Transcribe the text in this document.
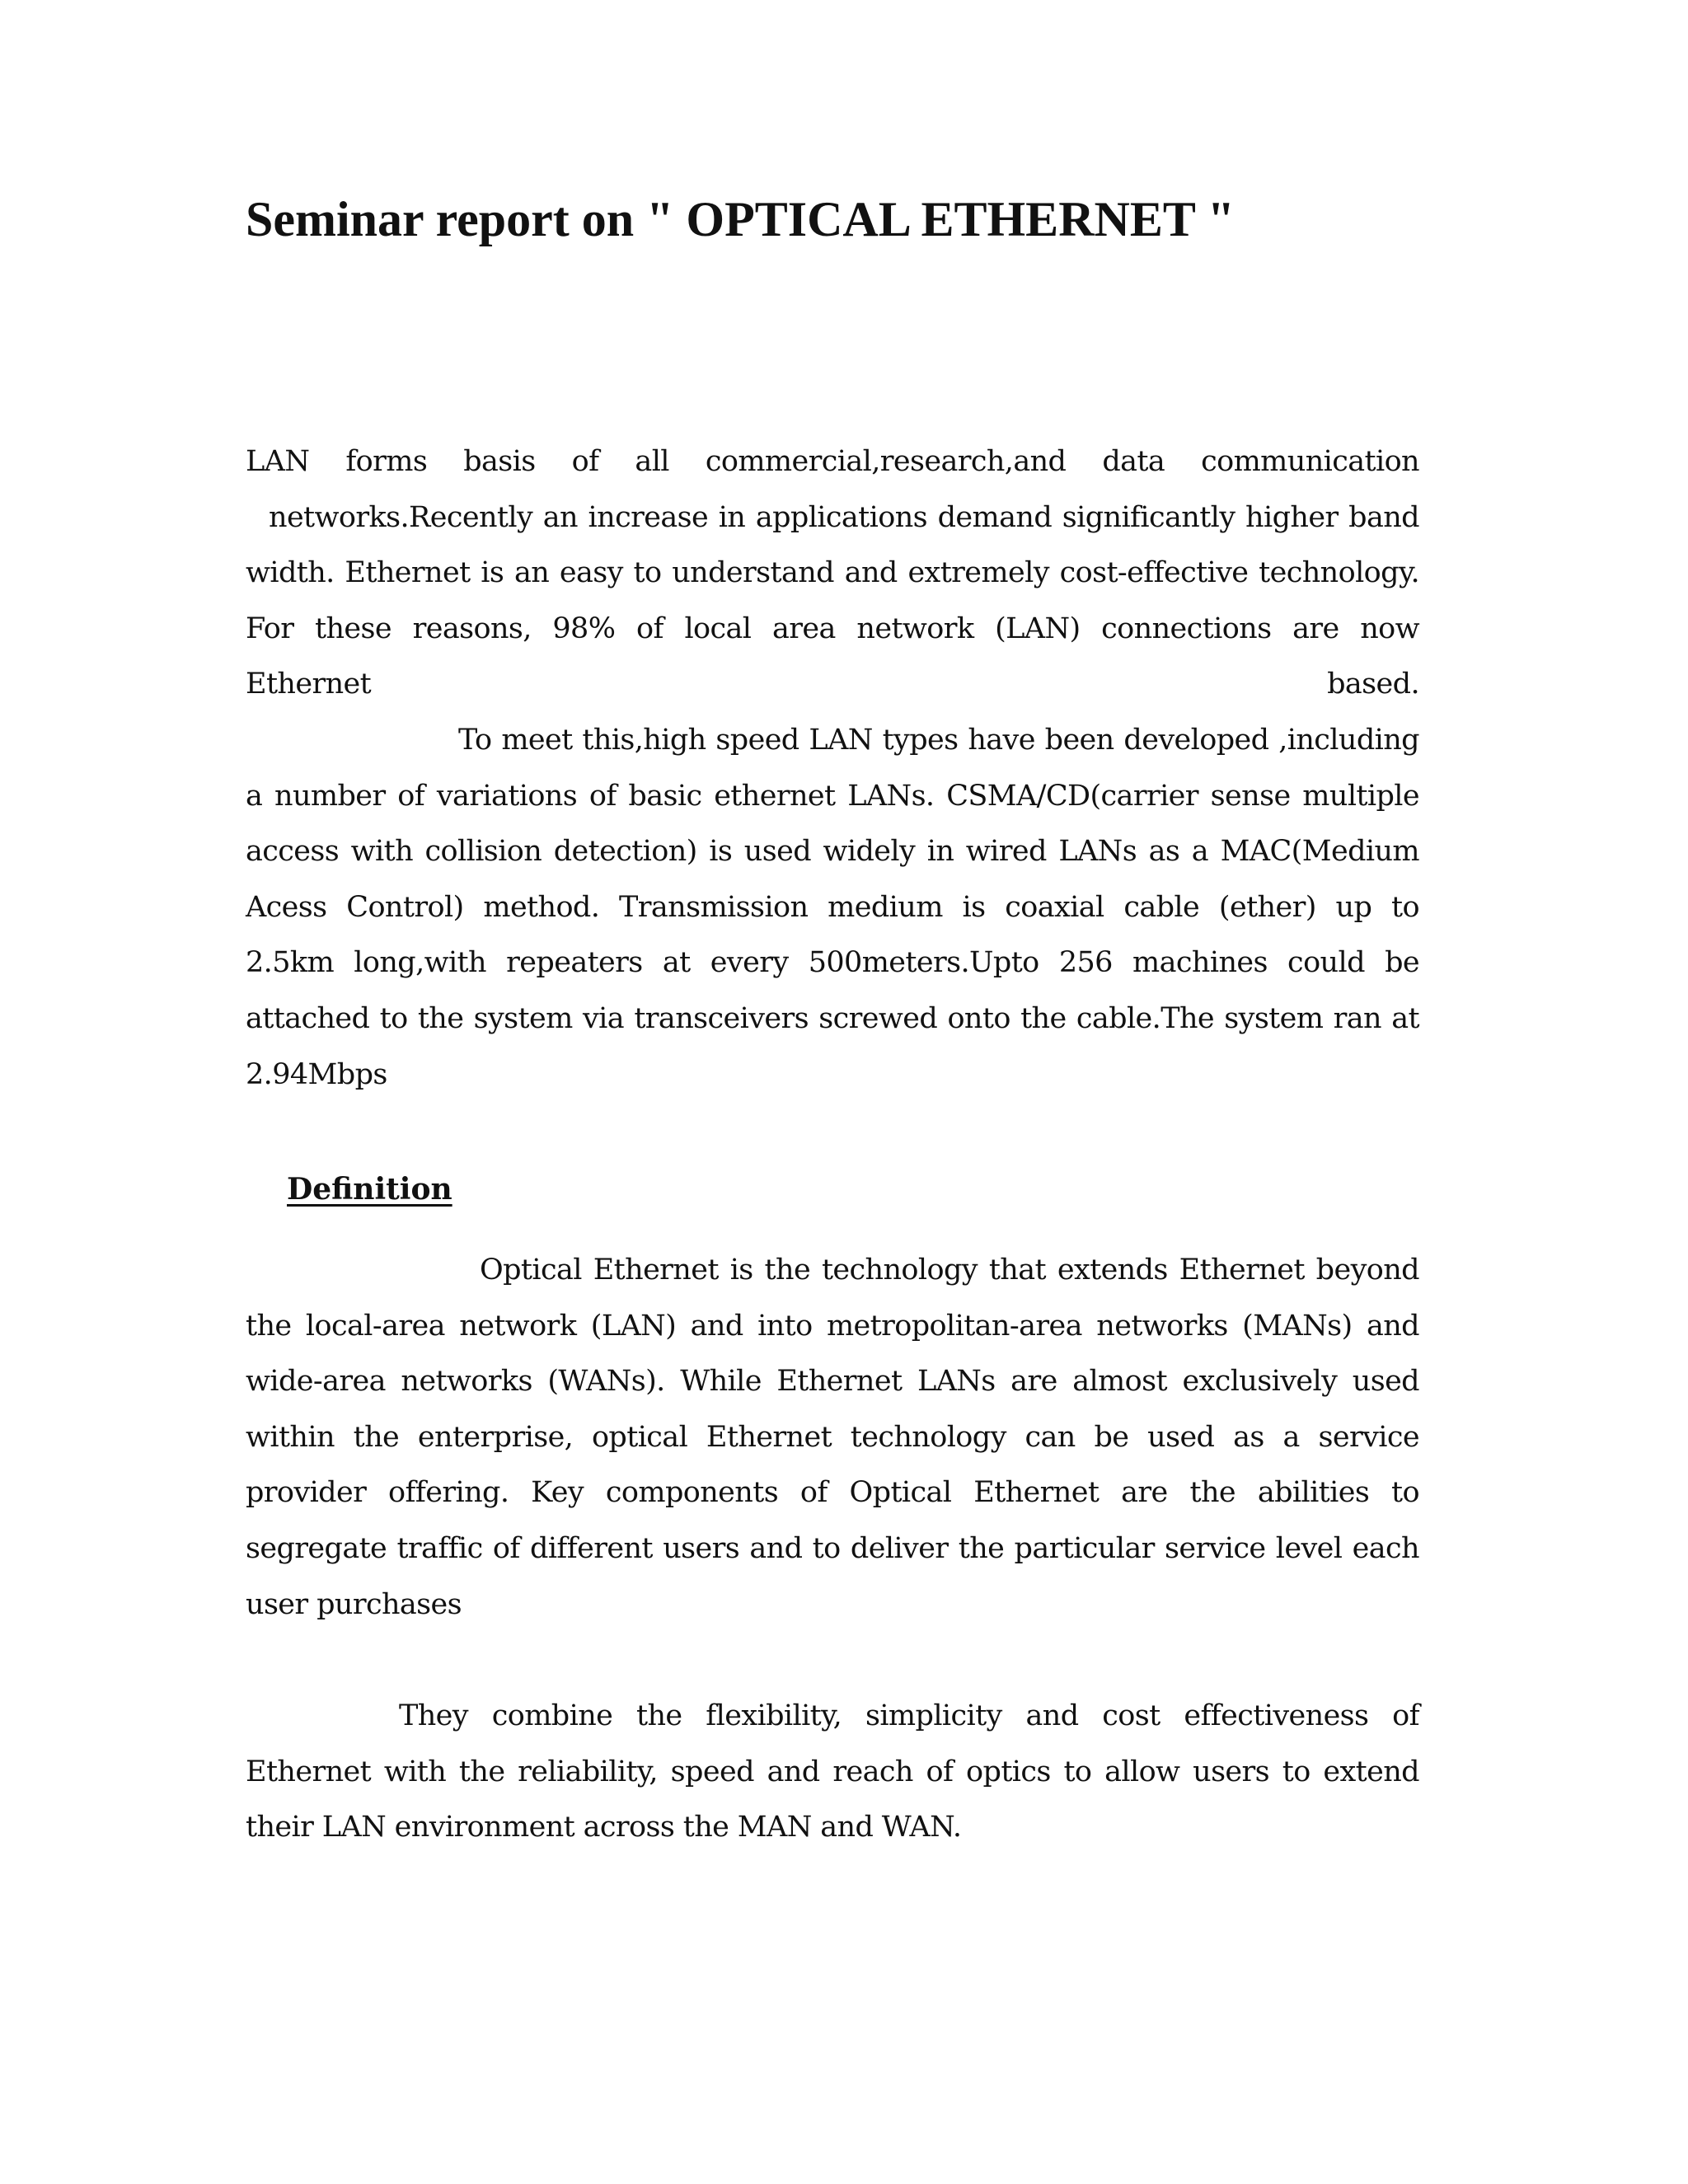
Seminar report on " OPTICAL ETHERNET "
LAN forms basis of all commercial,research,and data communication
networks.Recently an increase in applications demand significantly higher band
width. Ethernet is an easy to understand and extremely cost-effective technology.
For these reasons, 98% of local area network (LAN) connections are now
Ethernet based.
To meet this,high speed LAN types have been developed ,including
a number of variations of basic ethernet LANs. CSMA/CD(carrier sense multiple
access with collision detection) is used widely in wired LANs as a MAC(Medium
Acess Control) method. Transmission medium is coaxial cable (ether) up to
2.5km long,with repeaters at every 500meters.Upto 256 machines could be
attached to the system via transceivers screwed onto the cable.The system ran at
2.94Mbps
Definition
Optical Ethernet is the technology that extends Ethernet beyond
the local-area network (LAN) and into metropolitan-area networks (MANs) and
wide-area networks (WANs). While Ethernet LANs are almost exclusively used
within the enterprise, optical Ethernet technology can be used as a service
provider offering. Key components of Optical Ethernet are the abilities to
segregate traffic of different users and to deliver the particular service level each
user purchases
They combine the flexibility, simplicity and cost effectiveness of
Ethernet with the reliability, speed and reach of optics to allow users to extend
their LAN environment across the MAN and WAN.
